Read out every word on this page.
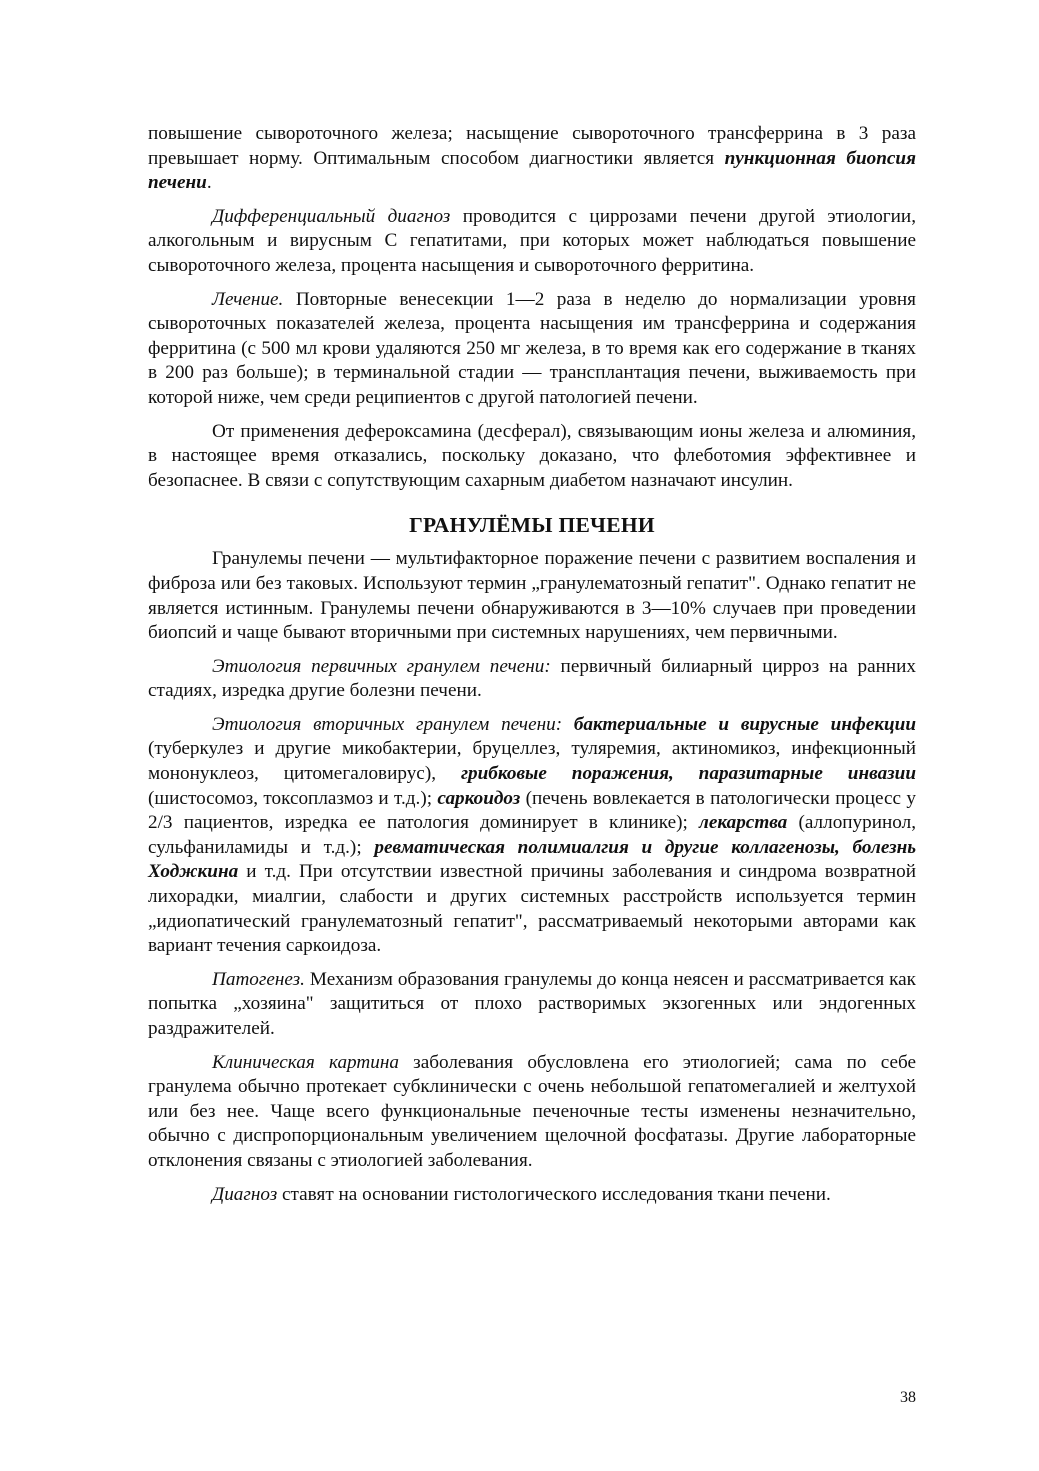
повышение сывороточного железа; насыщение сывороточного трансферрина в 3 раза превышает норму. Оптимальным способом диагностики является пункционная биопсия печени.

Дифференциальный диагноз проводится с циррозами печени другой этиологии, алкогольным и вирусным С гепатитами, при которых может наблюдаться повышение сывороточного железа, процента насыщения и сывороточного ферритина.

Лечение. Повторные венесекции 1—2 раза в неделю до нормализации уровня сывороточных показателей железа, процента насыщения им трансферрина и содержания ферритина (с 500 мл крови удаляются 250 мг железа, в то время как его содержание в тканях в 200 раз больше); в терминальной стадии — трансплантация печени, выживаемость при которой ниже, чем среди реципиентов с другой патологией печени.

От применения дефероксамина (десферал), связывающим ионы железа и алюминия, в настоящее время отказались, поскольку доказано, что флеботомия эффективнее и безопаснее. В связи с сопутствующим сахарным диабетом назначают инсулин.

ГРАНУЛЁМЫ ПЕЧЕНИ

Гранулемы печени — мультифакторное поражение печени с развитием воспаления и фиброза или без таковых. Используют термин „гранулематозный гепатит". Однако гепатит не является истинным. Гранулемы печени обнаруживаются в 3—10% случаев при проведении биопсий и чаще бывают вторичными при системных нарушениях, чем первичными.

Этиология первичных гранулем печени: первичный билиарный цирроз на ранних стадиях, изредка другие болезни печени.

Этиология вторичных гранулем печени: бактериальные и вирусные инфекции (туберкулез и другие микобактерии, бруцеллез, туляремия, актиномикоз, инфекционный мононуклеоз, цитомегаловирус), грибковые поражения, паразитарные инвазии (шистосомоз, токсоплазмоз и т.д.); саркоидоз (печень вовлекается в патологически процесс у 2/3 пациентов, изредка ее патология доминирует в клинике); лекарства (аллопуринол, сульфаниламиды и т.д.); ревматическая полимиалгия и другие коллагенозы, болезнь Ходжкина и т.д. При отсутствии известной причины заболевания и синдрома возвратной лихорадки, миалгии, слабости и других системных расстройств используется термин „идиопатический гранулематозный гепатит", рассматриваемый некоторыми авторами как вариант течения саркоидоза.

Патогенез. Механизм образования гранулемы до конца неясен и рассматривается как попытка „хозяина" защититься от плохо растворимых экзогенных или эндогенных раздражителей.

Клиническая картина заболевания обусловлена его этиологией; сама по себе гранулема обычно протекает субклинически с очень небольшой гепатомегалией и желтухой или без нее. Чаще всего функциональные печеночные тесты изменены незначительно, обычно с диспропорциональным увеличением щелочной фосфатазы. Другие лабораторные отклонения связаны с этиологией заболевания.

Диагноз ставят на основании гистологического исследования ткани печени.

38
